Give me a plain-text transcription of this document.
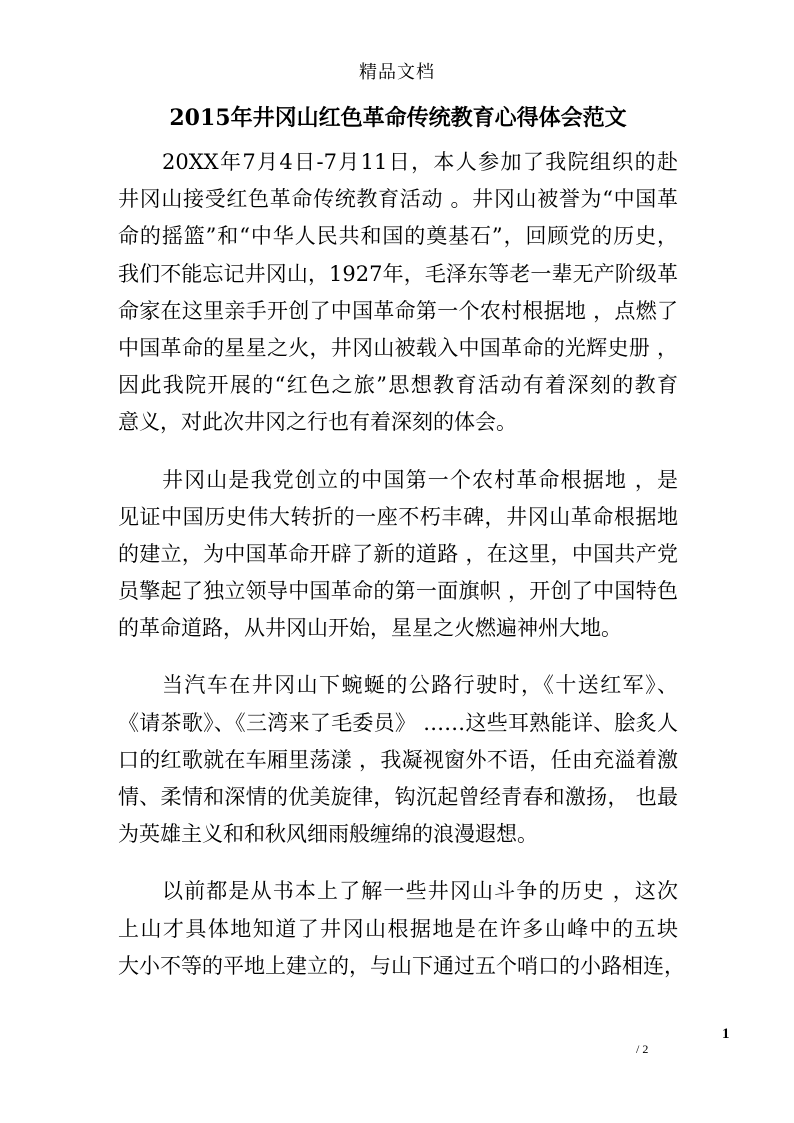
精品文档
2015年井冈山红色革命传统教育心得体会范文
20XX年7月4日-7月11日，本人参加了我院组织的赴
井冈山接受红色革命传统教育活动 。井冈山被誉为“中国革
命的摇篮”和“中华人民共和国的奠基石”，回顾党的历史，
我们不能忘记井冈山，1927年，毛泽东等老一辈无产阶级革
命家在这里亲手开创了中国革命第一个农村根据地 ，点燃了
中国革命的星星之火，井冈山被载入中国革命的光辉史册 ，
因此我院开展的“红色之旅”思想教育活动有着深刻的教育
意义，对此次井冈之行也有着深刻的体会。
井冈山是我党创立的中国第一个农村革命根据地 ，是
见证中国历史伟大转折的一座不朽丰碑，井冈山革命根据地
的建立，为中国革命开辟了新的道路 ，在这里，中国共产党
员擎起了独立领导中国革命的第一面旗帜 ，开创了中国特色
的革命道路，从井冈山开始，星星之火燃遍神州大地。
当汽车在井冈山下蜿蜒的公路行驶时，《十送红军》、
《请茶歌》、《三湾来了毛委员》 ……这些耳熟能详、脍炙人
口的红歌就在车厢里荡漾 ，我凝视窗外不语，任由充溢着激
情、柔情和深情的优美旋律，钩沉起曾经青春和激扬， 也最
为英雄主义和和秋风细雨般缠绵的浪漫遐想。
以前都是从书本上了解一些井冈山斗争的历史 ，这次
上山才具体地知道了井冈山根据地是在许多山峰中的五块
大小不等的平地上建立的，与山下通过五个哨口的小路相连，
1
/ 2
